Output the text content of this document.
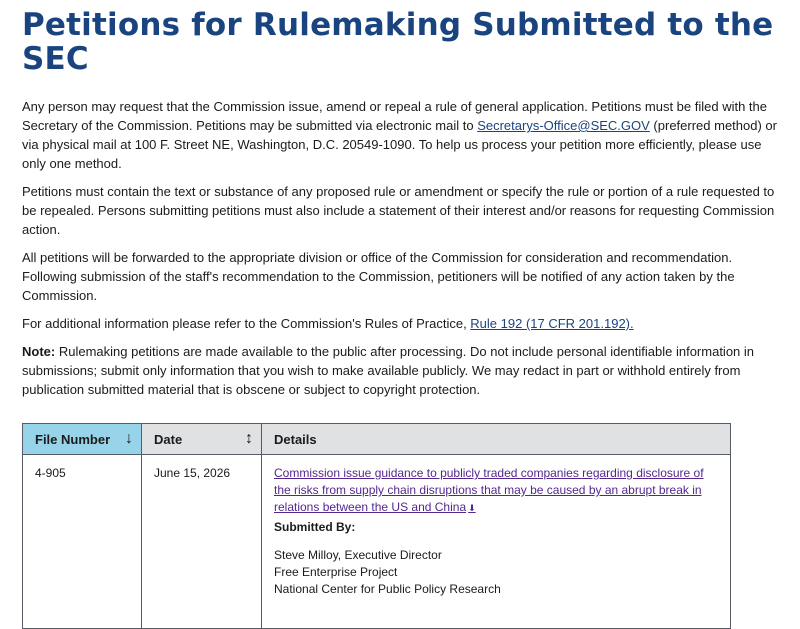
Petitions for Rulemaking Submitted to the SEC

Any person may request that the Commission issue, amend or repeal a rule of general application. Petitions must be filed with the Secretary of the Commission. Petitions may be submitted via electronic mail to Secretarys-Office@SEC.GOV (preferred method) or via physical mail at 100 F. Street NE, Washington, D.C. 20549-1090. To help us process your petition more efficiently, please use only one method.

Petitions must contain the text or substance of any proposed rule or amendment or specify the rule or portion of a rule requested to be repealed. Persons submitting petitions must also include a statement of their interest and/or reasons for requesting Commission action.

All petitions will be forwarded to the appropriate division or office of the Commission for consideration and recommendation. Following submission of the staff's recommendation to the Commission, petitioners will be notified of any action taken by the Commission.

For additional information please refer to the Commission's Rules of Practice, Rule 192 (17 CFR 201.192).

Note: Rulemaking petitions are made available to the public after processing. Do not include personal identifiable information in submissions; submit only information that you wish to make available publicly. We may redact in part or withhold entirely from publication submitted material that is obscene or subject to copyright protection.

File Number ↓	Date ↕	Details
4-905	June 15, 2026	Commission issue guidance to publicly traded companies regarding disclosure of the risks from supply chain disruptions that may be caused by an abrupt break in relations between the US and China ⬇
Submitted By:
Steve Milloy, Executive Director
Free Enterprise Project
National Center for Public Policy Research
